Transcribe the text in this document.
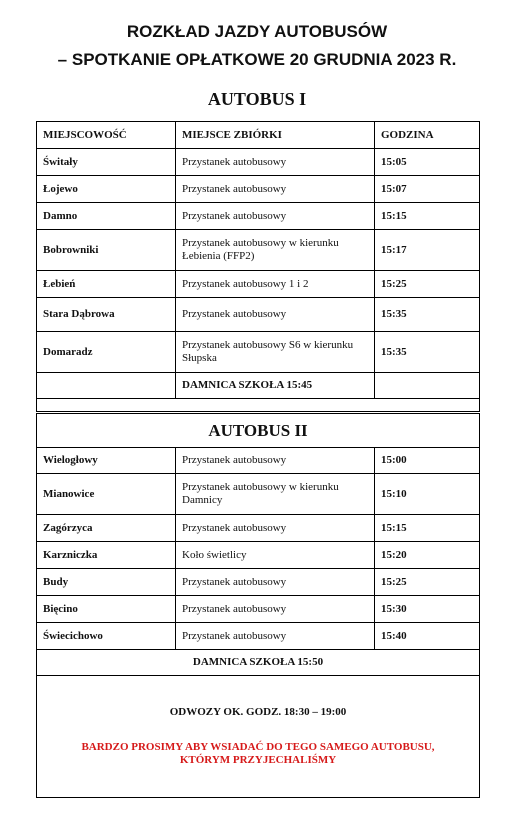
ROZKŁAD JAZDY AUTOBUSÓW
– SPOTKANIE OPŁATKOWE 20 GRUDNIA 2023 R.
AUTOBUS I
MIEJSCOWOŚĆ	MIEJSCE ZBIÓRKI	GODZINA
Świtały	Przystanek autobusowy	15:05
Łojewo	Przystanek autobusowy	15:07
Damno	Przystanek autobusowy	15:15
Bobrowniki	Przystanek autobusowy w kierunku Łebienia (FFP2)	15:17
Łebień	Przystanek autobusowy 1 i 2	15:25
Stara Dąbrowa	Przystanek autobusowy	15:35
Domaradz	Przystanek autobusowy S6 w kierunku Słupska	15:35
	DAMNICA SZKOŁA 15:45	

AUTOBUS II		
Wielogłowy	Przystanek autobusowy	15:00
Mianowice	Przystanek autobusowy w kierunku Damnicy	15:10
Zagórzyca	Przystanek autobusowy	15:15
Karzniczka	Koło świetlicy	15:20
Budy	Przystanek autobusowy	15:25
Bięcino	Przystanek autobusowy	15:30
Świecichowo	Przystanek autobusowy	15:40
DAMNICA SZKOŁA 15:50		

ODWOZY OK. GODZ. 18:30 – 19:00
BARDZO PROSIMY ABY WSIADAĆ DO TEGO SAMEGO AUTOBUSU, KTÓRYM PRZYJECHALIŚMY		
